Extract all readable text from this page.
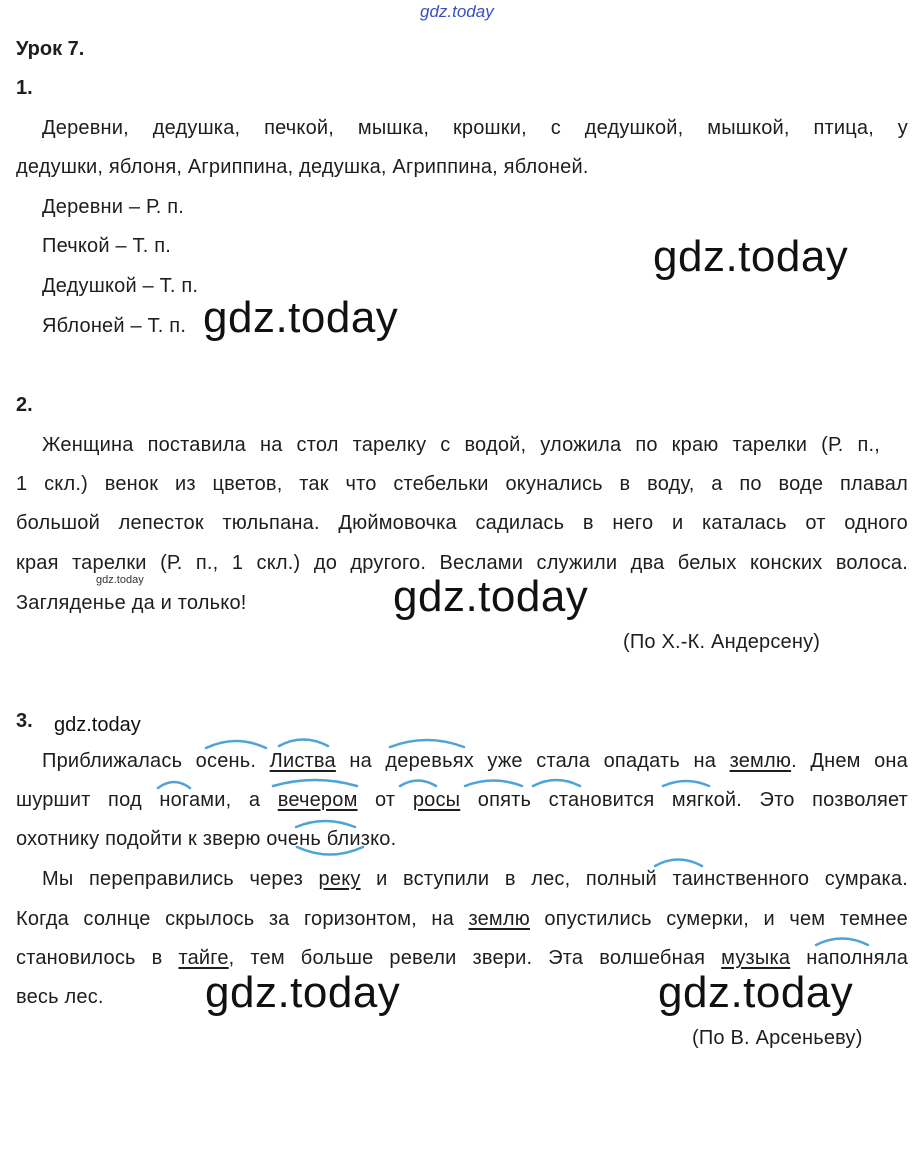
gdz.today
Урок 7.
1.
Деревни, дедушка, печкой, мышка, крошки, с дедушкой, мышкой, птица, у
дедушки, яблоня, Агриппина, дедушка, Агриппина, яблоней.
Деревни – Р. п.
Печкой – Т. п.
Дедушкой – Т. п.
Яблоней – Т. п.
gdz.today
gdz.today
2.
Женщина поставила на стол тарелку с водой, уложила по краю тарелки (Р. п.,
1 скл.) венок из цветов, так что стебельки окунались в воду, а по воде плавал
большой лепесток тюльпана. Дюймовочка садилась в него и каталась от одного
края тарелки (Р. п., 1 скл.) до другого. Веслами служили два белых конских волоса.
Загляденье да и только!
gdz.today	gdz.today
(По Х.-К. Андерсену)
3. gdz.today
Приближалась осень. Листва на деревьях уже стала опадать на землю. Днем она
шуршит под ногами, а вечером от росы опять становится мягкой. Это позволяет
охотнику подойти к зверю очень близко.
Мы переправились через реку и вступили в лес, полный таинственного сумрака.
Когда солнце скрылось за горизонтом, на землю опустились сумерки, и чем темнее
становилось в тайге, тем больше ревели звери. Эта волшебная музыка наполняла
весь лес. gdz.today	gdz.today
(По В. Арсеньеву)
